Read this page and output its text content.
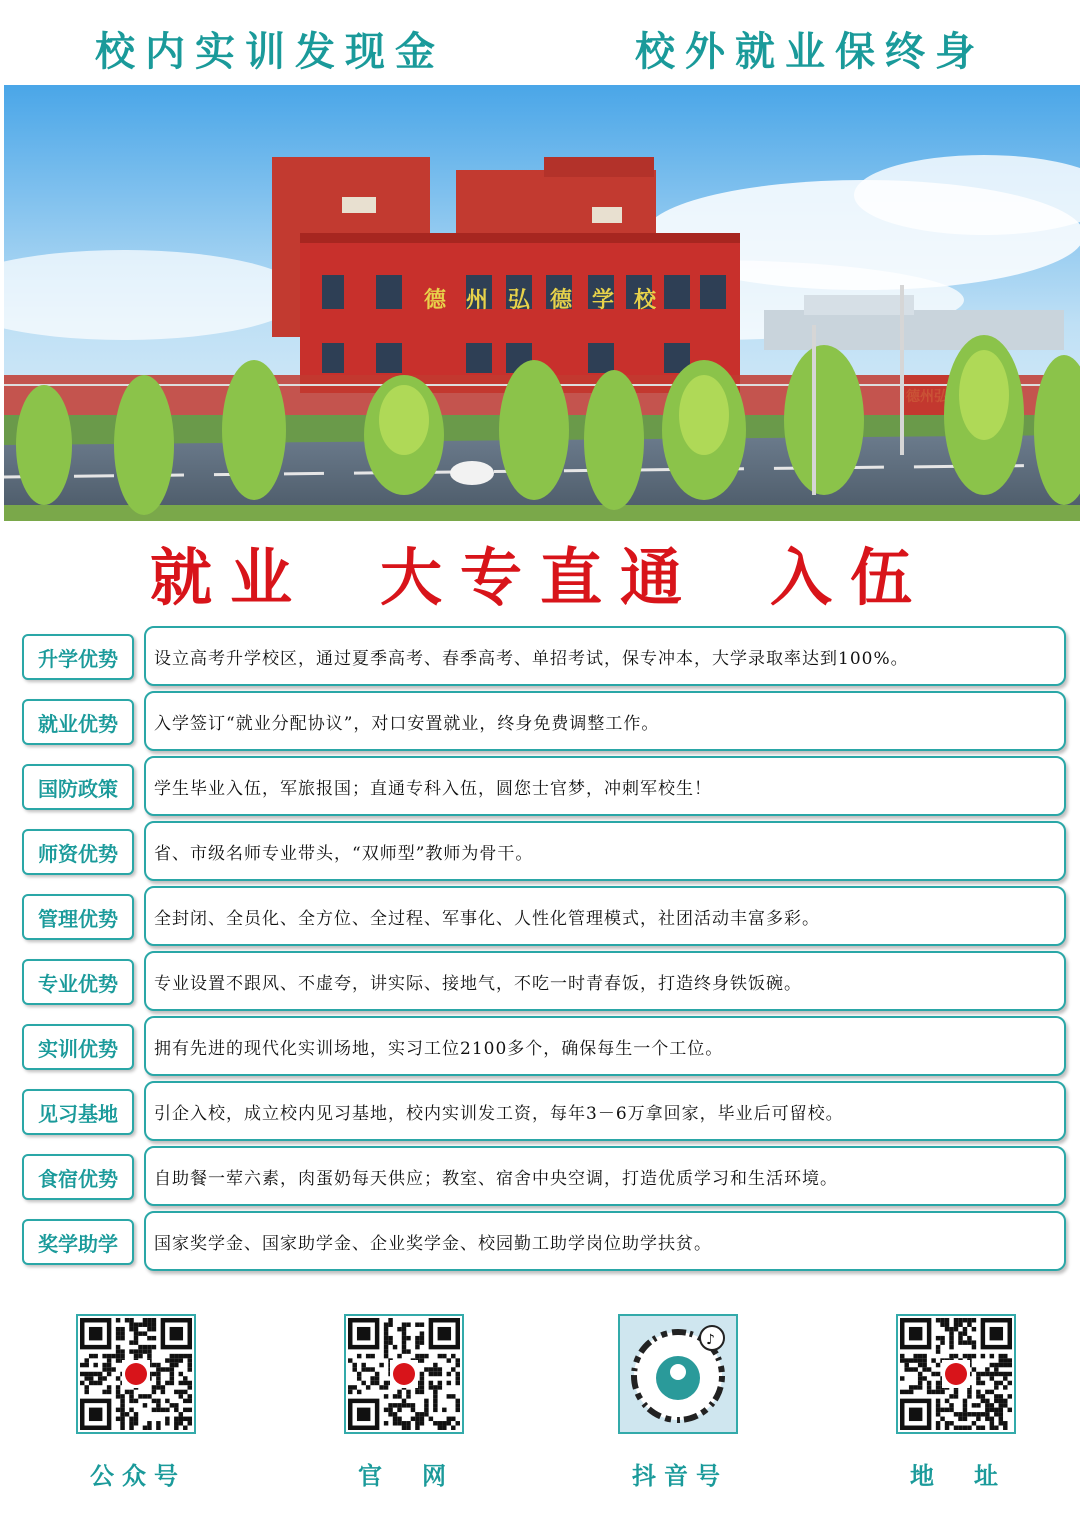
校内实训发现金	校外就业保终身
德州弘德学校
就业 大专直通 入伍
升学优势	设立高考升学校区，通过夏季高考、春季高考、单招考试，保专冲本，大学录取率达到100%。
就业优势	入学签订“就业分配协议”，对口安置就业，终身免费调整工作。
国防政策	学生毕业入伍，军旅报国；直通专科入伍，圆您士官梦，冲刺军校生！
师资优势	省、市级名师专业带头，“双师型”教师为骨干。
管理优势	全封闭、全员化、全方位、全过程、军事化、人性化管理模式，社团活动丰富多彩。
专业优势	专业设置不跟风、不虚夸，讲实际、接地气，不吃一时青春饭，打造终身铁饭碗。
实训优势	拥有先进的现代化实训场地，实习工位2100多个，确保每生一个工位。
见习基地	引企入校，成立校内见习基地，校内实训发工资，每年3－6万拿回家，毕业后可留校。
食宿优势	自助餐一荤六素，肉蛋奶每天供应；教室、宿舍中央空调，打造优质学习和生活环境。
奖学助学	国家奖学金、国家助学金、企业奖学金、校园勤工助学岗位助学扶贫。
公众号	官　网
♪
抖音号	地　址
